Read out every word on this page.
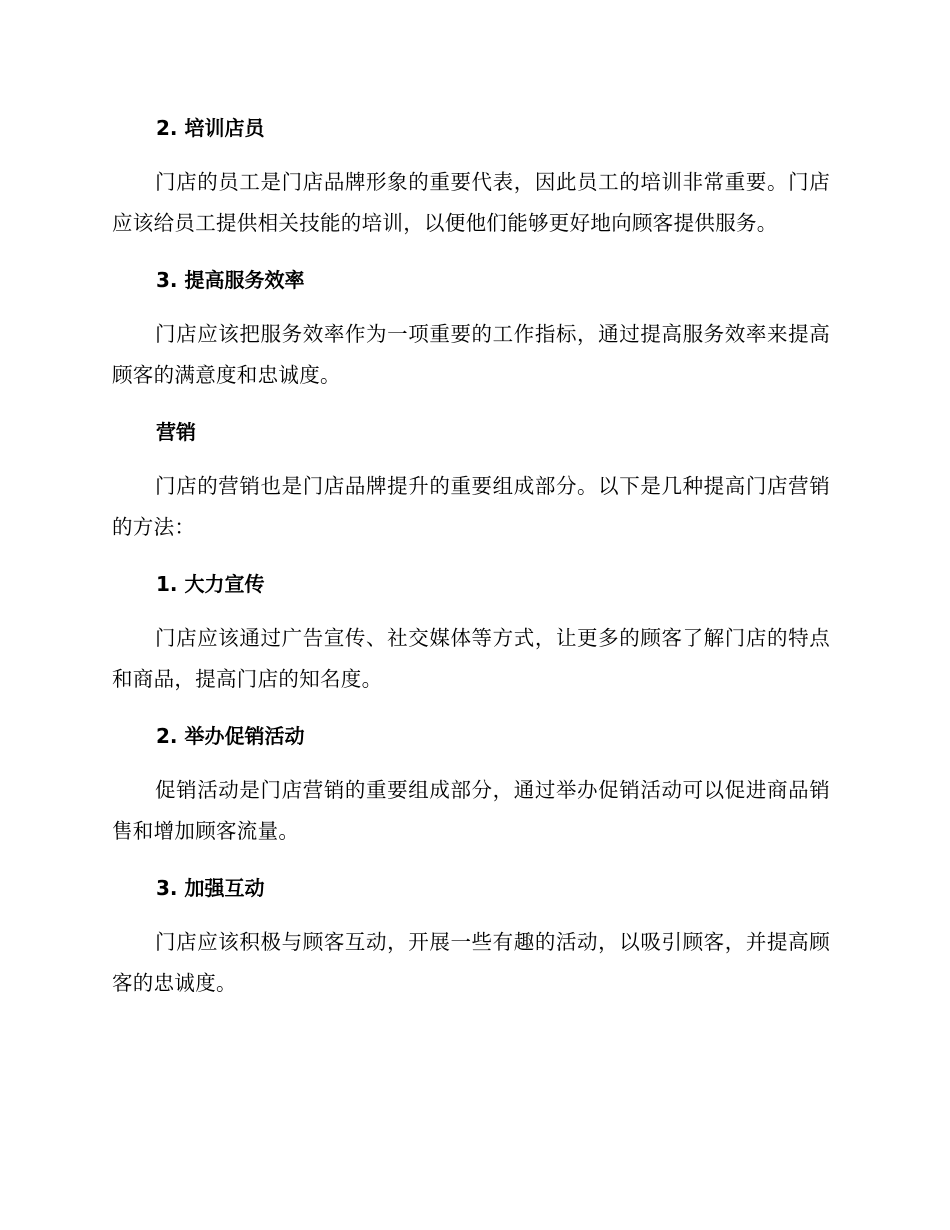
2. 培训店员

门店的员工是门店品牌形象的重要代表，因此员工的培训非常重要。门店应该给员工提供相关技能的培训，以便他们能够更好地向顾客提供服务。

3. 提高服务效率

门店应该把服务效率作为一项重要的工作指标，通过提高服务效率来提高顾客的满意度和忠诚度。

营销

门店的营销也是门店品牌提升的重要组成部分。以下是几种提高门店营销的方法：

1. 大力宣传

门店应该通过广告宣传、社交媒体等方式，让更多的顾客了解门店的特点和商品，提高门店的知名度。

2. 举办促销活动

促销活动是门店营销的重要组成部分，通过举办促销活动可以促进商品销售和增加顾客流量。

3. 加强互动

门店应该积极与顾客互动，开展一些有趣的活动，以吸引顾客，并提高顾客的忠诚度。
